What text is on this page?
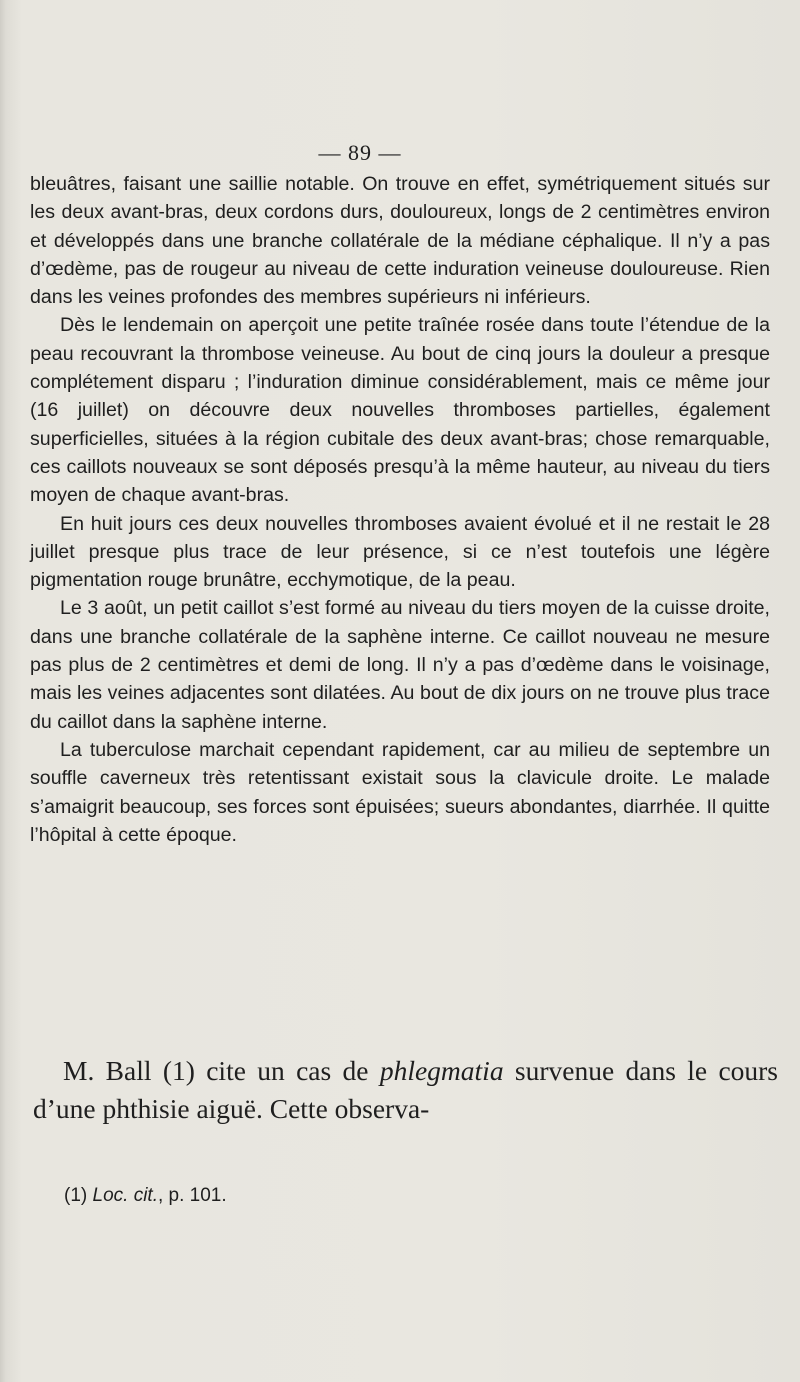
— 89 —

bleuâtres, faisant une saillie notable. On trouve en effet, symétriquement situés sur les deux avant-bras, deux cordons durs, douloureux, longs de 2 centimètres environ et développés dans une branche collatérale de la médiane céphalique. Il n’y a pas d’œdème, pas de rougeur au niveau de cette induration veineuse douloureuse. Rien dans les veines profondes des membres supérieurs ni inférieurs.

Dès le lendemain on aperçoit une petite traînée rosée dans toute l’étendue de la peau recouvrant la thrombose veineuse. Au bout de cinq jours la douleur a presque complétement disparu ; l’induration diminue considérablement, mais ce même jour (16 juillet) on découvre deux nouvelles thromboses partielles, également superficielles, situées à la région cubitale des deux avant-bras; chose remarquable, ces caillots nouveaux se sont déposés presqu’à la même hauteur, au niveau du tiers moyen de chaque avant-bras.

En huit jours ces deux nouvelles thromboses avaient évolué et il ne restait le 28 juillet presque plus trace de leur présence, si ce n’est toutefois une légère pigmentation rouge brunâtre, ecchymotique, de la peau.

Le 3 août, un petit caillot s’est formé au niveau du tiers moyen de la cuisse droite, dans une branche collatérale de la saphène interne. Ce caillot nouveau ne mesure pas plus de 2 centimètres et demi de long. Il n’y a pas d’œdème dans le voisinage, mais les veines adjacentes sont dilatées. Au bout de dix jours on ne trouve plus trace du caillot dans la saphène interne.

La tuberculose marchait cependant rapidement, car au milieu de septembre un souffle caverneux très retentissant existait sous la clavicule droite. Le malade s’amaigrit beaucoup, ses forces sont épuisées; sueurs abondantes, diarrhée. Il quitte l’hôpital à cette époque.

M. Ball (1) cite un cas de phlegmatia survenue dans le cours d’une phthisie aiguë. Cette observa-

(1) Loc. cit., p. 101.
